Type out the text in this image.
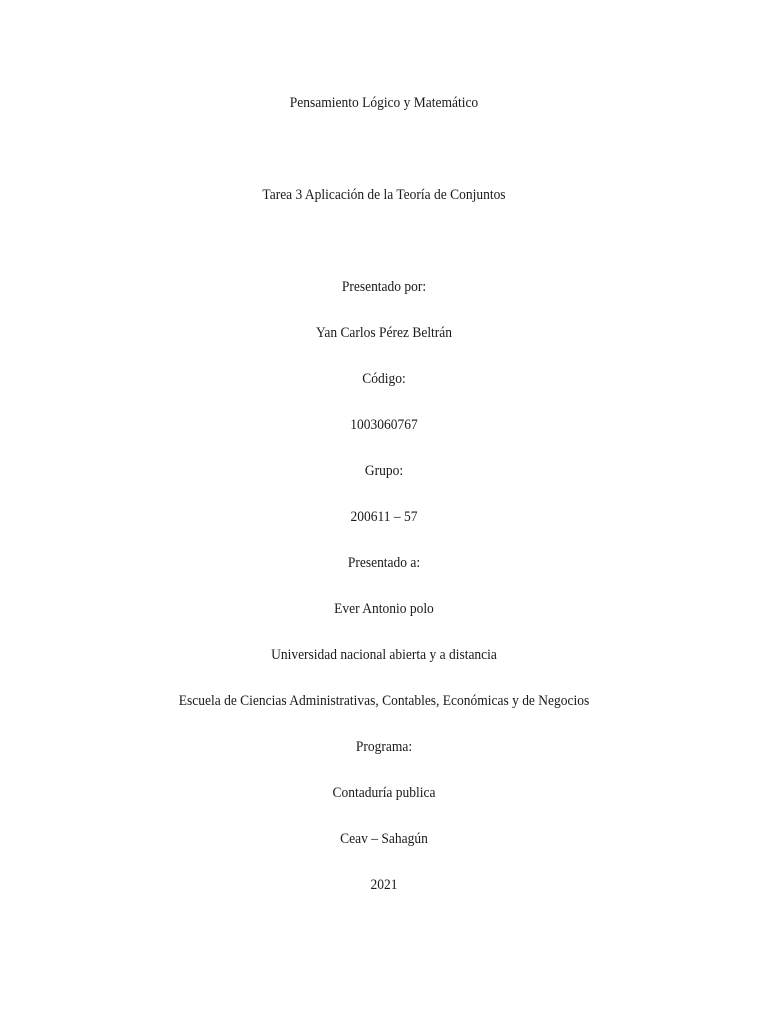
Pensamiento Lógico y Matemático
Tarea 3 Aplicación de la Teoría de Conjuntos
Presentado por:
Yan Carlos Pérez Beltrán
Código:
1003060767
Grupo:
200611 – 57
Presentado a:
Ever Antonio polo
Universidad nacional abierta y a distancia
Escuela de Ciencias Administrativas, Contables, Económicas y de Negocios
Programa:
Contaduría publica
Ceav – Sahagún
2021
